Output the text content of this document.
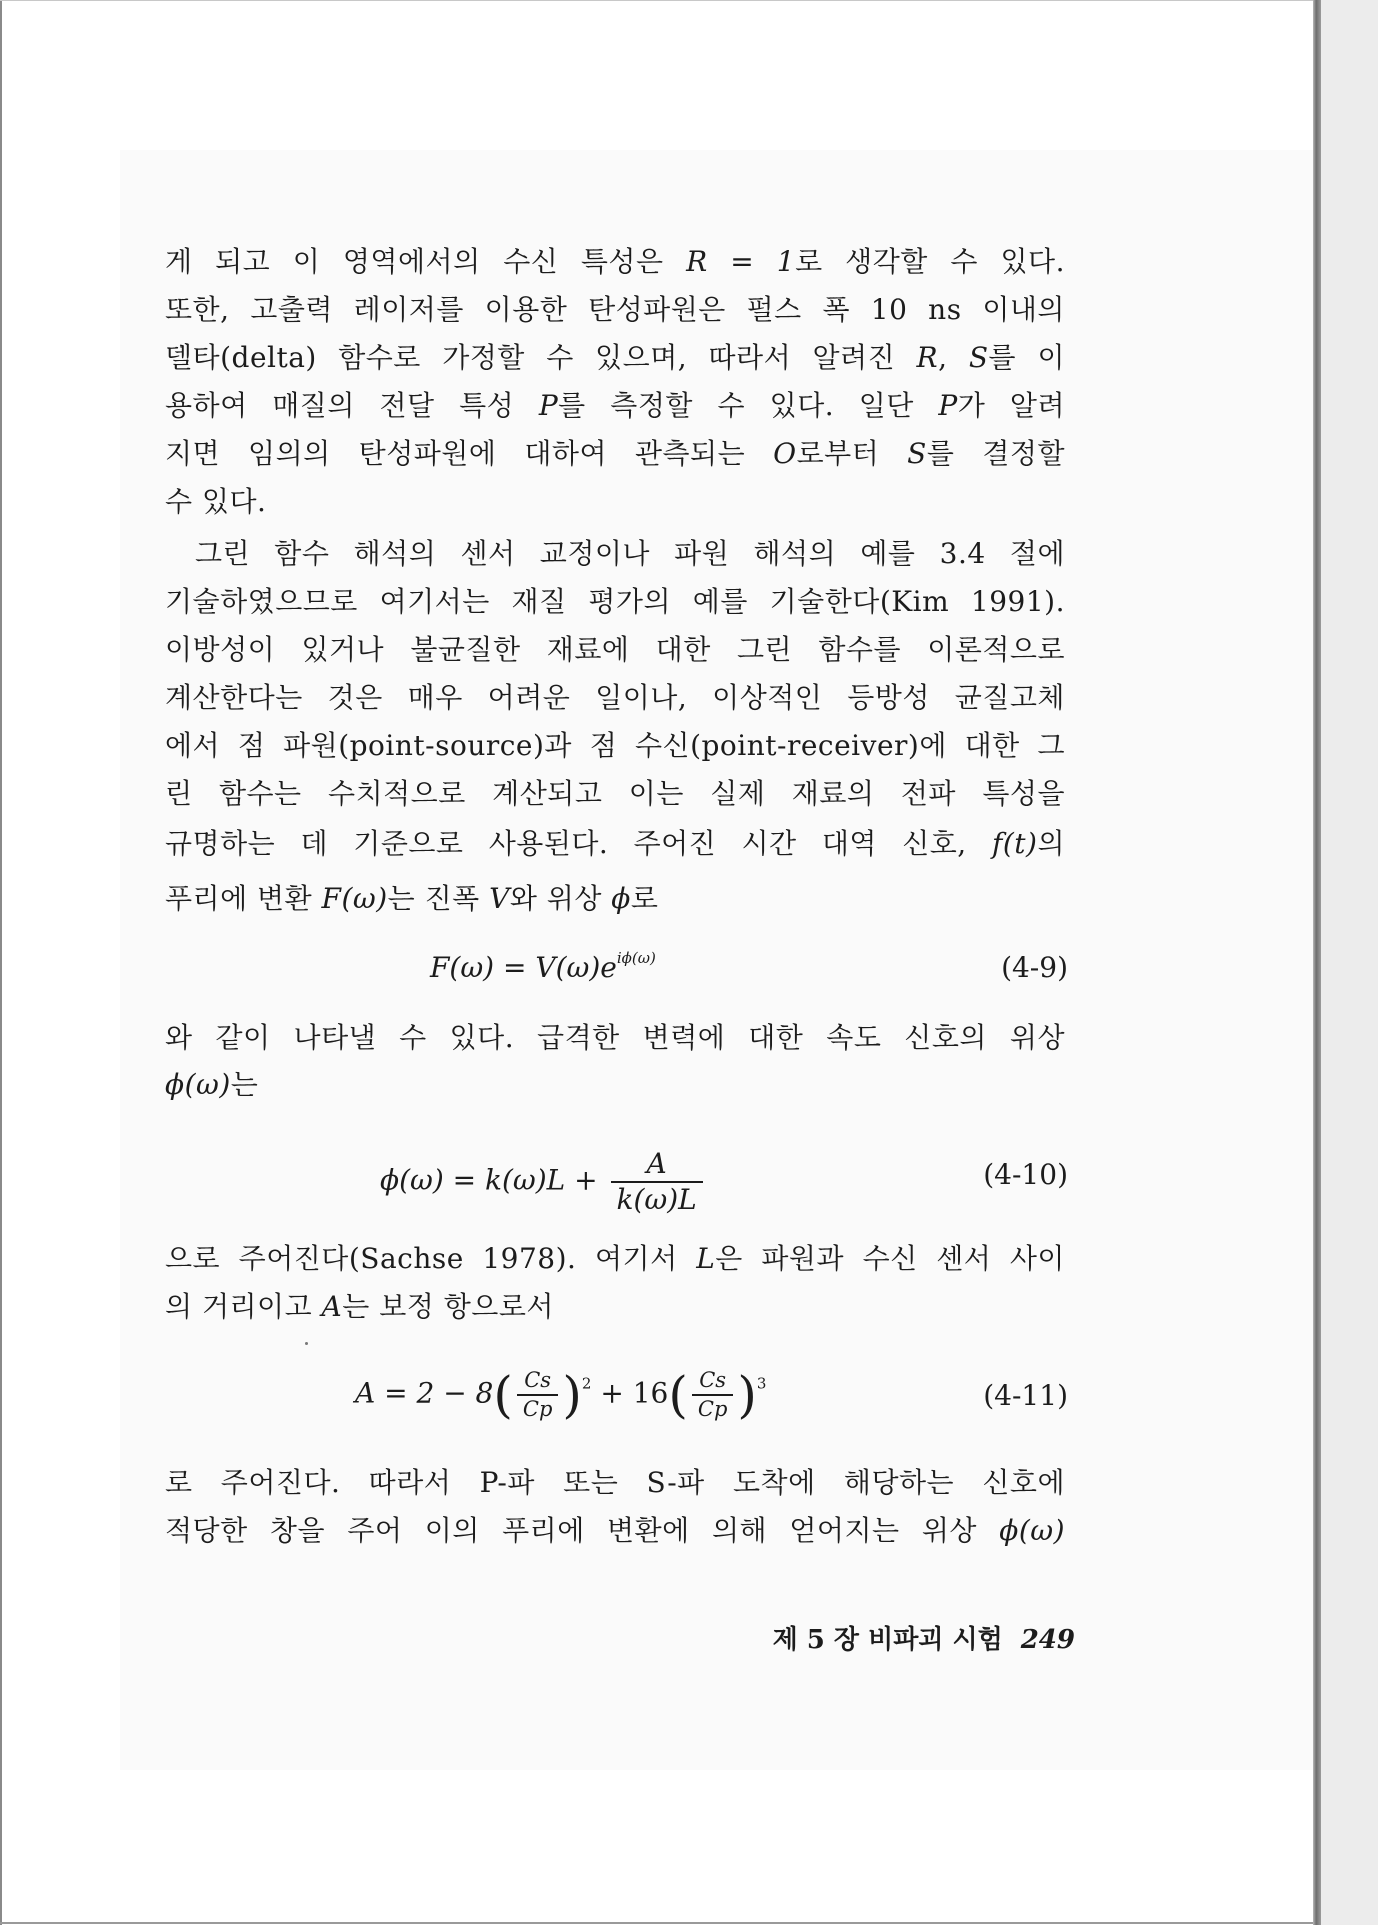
게 되고 이 영역에서의 수신 특성은 R = 1로 생각할 수 있다.
또한, 고출력 레이저를 이용한 탄성파원은 펄스 폭 10 ns 이내의
델타(delta) 함수로 가정할 수 있으며, 따라서 알려진 R, S를 이
용하여 매질의 전달 특성 P를 측정할 수 있다. 일단 P가 알려
지면 임의의 탄성파원에 대하여 관측되는 O로부터 S를 결정할
수 있다.
그린 함수 해석의 센서 교정이나 파원 해석의 예를 3.4 절에
기술하였으므로 여기서는 재질 평가의 예를 기술한다(Kim 1991).
이방성이 있거나 불균질한 재료에 대한 그린 함수를 이론적으로
계산한다는 것은 매우 어려운 일이나, 이상적인 등방성 균질고체
에서 점 파원(point-source)과 점 수신(point-receiver)에 대한 그
린 함수는 수치적으로 계산되고 이는 실제 재료의 전파 특성을
규명하는 데 기준으로 사용된다. 주어진 시간 대역 신호, f(t)의
푸리에 변환 F(ω)는 진폭 V와 위상 ϕ로
$F(\omega) = V(\omega)e^{i\phi(\omega)}$	(4-9)
와 같이 나타낼 수 있다. 급격한 변력에 대한 속도 신호의 위상
ϕ(ω)는
$\phi(\omega) = k(\omega)L + \frac{A}{k(\omega)L}$	(4-10)
으로 주어진다(Sachse 1978). 여기서 L은 파원과 수신 센서 사이
의 거리이고 A는 보정 항으로서
$A = 2 - 8( \frac{Cs}{Cp} )^2 + 16( \frac{Cs}{Cp} )^3$	(4-11)
로 주어진다. 따라서 P-파 또는 S-파 도착에 해당하는 신호에
적당한 창을 주어 이의 푸리에 변환에 의해 얻어지는 위상 ϕ(ω)
제 5 장 비파괴 시험 249
